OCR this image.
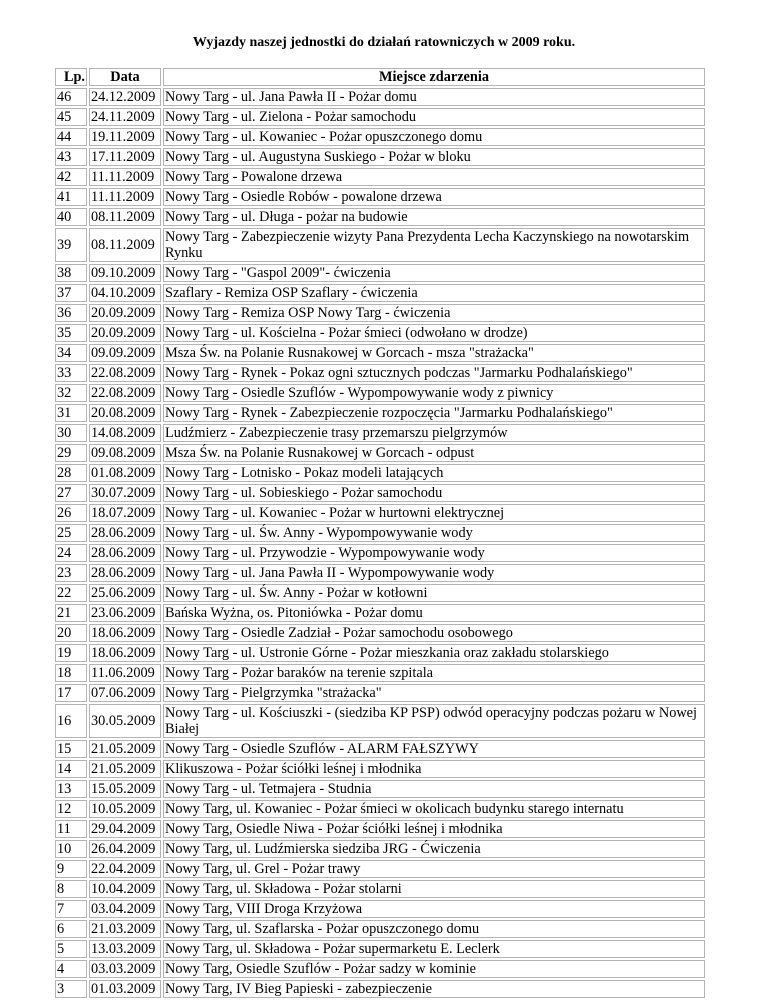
Wyjazdy naszej jednostki do działań ratowniczych w 2009 roku.
Lp.	Data	Miejsce zdarzenia
46	24.12.2009	Nowy Targ - ul. Jana Pawła II - Pożar domu
45	24.11.2009	Nowy Targ - ul. Zielona - Pożar samochodu
44	19.11.2009	Nowy Targ - ul. Kowaniec - Pożar opuszczonego domu
43	17.11.2009	Nowy Targ - ul. Augustyna Suskiego - Pożar w bloku
42	11.11.2009	Nowy Targ - Powalone drzewa
41	11.11.2009	Nowy Targ - Osiedle Robów - powalone drzewa
40	08.11.2009	Nowy Targ - ul. Długa - pożar na budowie
39	08.11.2009	Nowy Targ - Zabezpieczenie wizyty Pana Prezydenta Lecha Kaczynskiego na nowotarskim Rynku
38	09.10.2009	Nowy Targ - "Gaspol 2009"- ćwiczenia
37	04.10.2009	Szaflary - Remiza OSP Szaflary - ćwiczenia
36	20.09.2009	Nowy Targ - Remiza OSP Nowy Targ - ćwiczenia
35	20.09.2009	Nowy Targ - ul. Kościelna - Pożar śmieci (odwołano w drodze)
34	09.09.2009	Msza Św. na Polanie Rusnakowej w Gorcach - msza "strażacka"
33	22.08.2009	Nowy Targ - Rynek - Pokaz ogni sztucznych podczas "Jarmarku Podhalańskiego"
32	22.08.2009	Nowy Targ - Osiedle Szuflów - Wypompowywanie wody z piwnicy
31	20.08.2009	Nowy Targ - Rynek - Zabezpieczenie rozpoczęcia "Jarmarku Podhalańskiego"
30	14.08.2009	Ludźmierz - Zabezpieczenie trasy przemarszu pielgrzymów
29	09.08.2009	Msza Św. na Polanie Rusnakowej w Gorcach - odpust
28	01.08.2009	Nowy Targ - Lotnisko - Pokaz modeli latających
27	30.07.2009	Nowy Targ - ul. Sobieskiego - Pożar samochodu
26	18.07.2009	Nowy Targ - ul. Kowaniec - Pożar w hurtowni elektrycznej
25	28.06.2009	Nowy Targ - ul. Św. Anny - Wypompowywanie wody
24	28.06.2009	Nowy Targ - ul. Przywodzie - Wypompowywanie wody
23	28.06.2009	Nowy Targ - ul. Jana Pawła II - Wypompowywanie wody
22	25.06.2009	Nowy Targ - ul. Św. Anny - Pożar w kotłowni
21	23.06.2009	Bańska Wyżna, os. Pitoniówka - Pożar domu
20	18.06.2009	Nowy Targ - Osiedle Zadział - Pożar samochodu osobowego
19	18.06.2009	Nowy Targ - ul. Ustronie Górne - Pożar mieszkania oraz zakładu stolarskiego
18	11.06.2009	Nowy Targ - Pożar baraków na terenie szpitala
17	07.06.2009	Nowy Targ - Pielgrzymka "strażacka"
16	30.05.2009	Nowy Targ - ul. Kościuszki - (siedziba KP PSP) odwód operacyjny podczas pożaru w Nowej Białej
15	21.05.2009	Nowy Targ - Osiedle Szuflów - ALARM FAŁSZYWY
14	21.05.2009	Klikuszowa - Pożar ściółki leśnej i młodnika
13	15.05.2009	Nowy Targ - ul. Tetmajera - Studnia
12	10.05.2009	Nowy Targ, ul. Kowaniec - Pożar śmieci w okolicach budynku starego internatu
11	29.04.2009	Nowy Targ, Osiedle Niwa - Pożar ściółki leśnej i młodnika
10	26.04.2009	Nowy Targ, ul. Ludźmierska siedziba JRG - Ćwiczenia
9	22.04.2009	Nowy Targ, ul. Grel - Pożar trawy
8	10.04.2009	Nowy Targ, ul. Składowa - Pożar stolarni
7	03.04.2009	Nowy Targ, VIII Droga Krzyżowa
6	21.03.2009	Nowy Targ, ul. Szaflarska - Pożar opuszczonego domu
5	13.03.2009	Nowy Targ, ul. Składowa - Pożar supermarketu E. Leclerk
4	03.03.2009	Nowy Targ, Osiedle Szuflów - Pożar sadzy w kominie
3	01.03.2009	Nowy Targ, IV Bieg Papieski - zabezpieczenie
